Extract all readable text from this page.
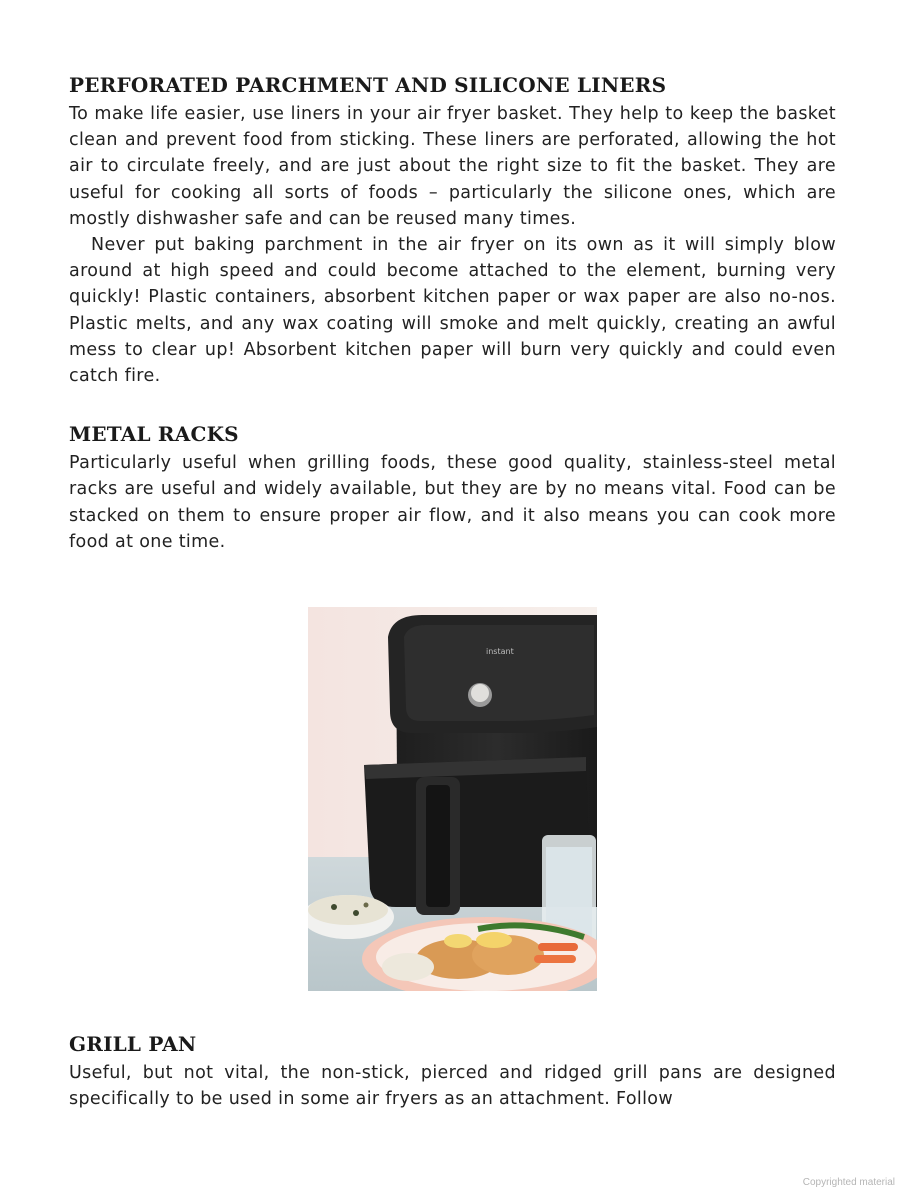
PERFORATED PARCHMENT AND SILICONE LINERS

To make life easier, use liners in your air fryer basket. They help to keep the basket clean and prevent food from sticking. These liners are perforated, allowing the hot air to circulate freely, and are just about the right size to fit the basket. They are useful for cooking all sorts of foods – particularly the silicone ones, which are mostly dishwasher safe and can be reused many times.

Never put baking parchment in the air fryer on its own as it will simply blow around at high speed and could become attached to the element, burning very quickly! Plastic containers, absorbent kitchen paper or wax paper are also no-nos. Plastic melts, and any wax coating will smoke and melt quickly, creating an awful mess to clear up! Absorbent kitchen paper will burn very quickly and could even catch fire.

METAL RACKS

Particularly useful when grilling foods, these good quality, stainless-steel metal racks are useful and widely available, but they are by no means vital. Food can be stacked on them to ensure proper air flow, and it also means you can cook more food at one time.

instant
GRILL PAN

Useful, but not vital, the non-stick, pierced and ridged grill pans are designed specifically to be used in some air fryers as an attachment. Follow

Copyrighted material
